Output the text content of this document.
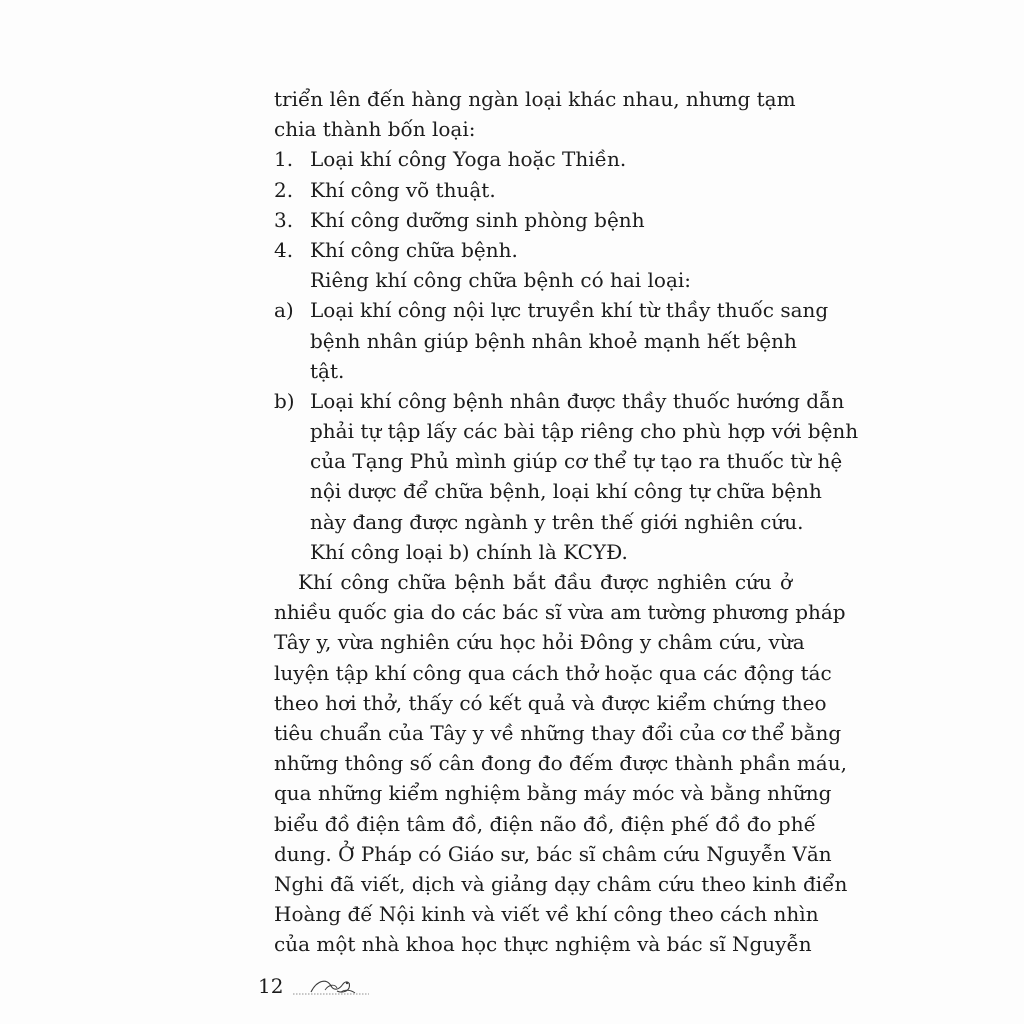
triển lên đến hàng ngàn loại khác nhau, nhưng tạm
chia thành bốn loại:
1. Loại khí công Yoga hoặc Thiền.
2. Khí công võ thuật.
3. Khí công dưỡng sinh phòng bệnh
4. Khí công chữa bệnh.
Riêng khí công chữa bệnh có hai loại:
a) Loại khí công nội lực truyền khí từ thầy thuốc sang
bệnh nhân giúp bệnh nhân khoẻ mạnh hết bệnh
tật.
b) Loại khí công bệnh nhân được thầy thuốc hướng dẫn
phải tự tập lấy các bài tập riêng cho phù hợp với bệnh
của Tạng Phủ mình giúp cơ thể tự tạo ra thuốc từ hệ
nội dược để chữa bệnh, loại khí công tự chữa bệnh
này đang được ngành y trên thế giới nghiên cứu.
Khí công loại b) chính là KCYĐ.
Khí công chữa bệnh bắt đầu được nghiên cứu ở
nhiều quốc gia do các bác sĩ vừa am tường phương pháp
Tây y, vừa nghiên cứu học hỏi Đông y châm cứu, vừa
luyện tập khí công qua cách thở hoặc qua các động tác
theo hơi thở, thấy có kết quả và được kiểm chứng theo
tiêu chuẩn của Tây y về những thay đổi của cơ thể bằng
những thông số cân đong đo đếm được thành phần máu,
qua những kiểm nghiệm bằng máy móc và bằng những
biểu đồ điện tâm đồ, điện não đồ, điện phế đồ đo phế
dung. Ở Pháp có Giáo sư, bác sĩ châm cứu Nguyễn Văn
Nghi đã viết, dịch và giảng dạy châm cứu theo kinh điển
Hoàng đế Nội kinh và viết về khí công theo cách nhìn
của một nhà khoa học thực nghiệm và bác sĩ Nguyễn
12
